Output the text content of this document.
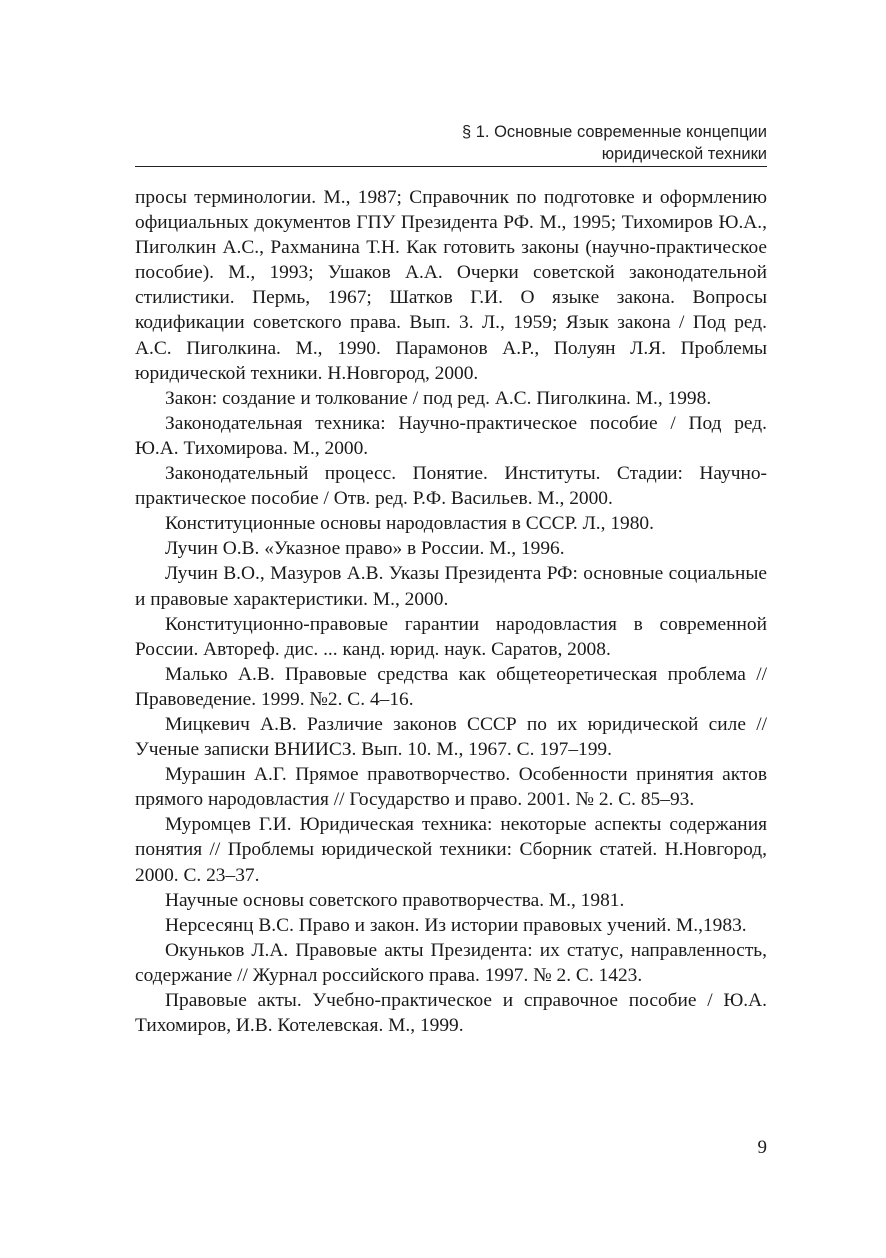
§ 1. Основные современные концепции
юридической техники

просы терминологии. М., 1987; Справочник по подготовке и оформлению официальных документов ГПУ Президента РФ. М., 1995; Тихомиров Ю.А., Пиголкин А.С., Рахманина Т.Н. Как готовить законы (научно-практическое пособие). М., 1993; Ушаков А.А. Очерки советской законодательной стилистики. Пермь, 1967; Шатков Г.И. О языке закона. Вопросы кодификации советского права. Вып. 3. Л., 1959; Язык закона / Под ред. А.С. Пиголкина. М., 1990. Парамонов А.Р., Полуян Л.Я. Проблемы юридической техники. Н.Новгород, 2000.

Закон: создание и толкование / под ред. А.С. Пиголкина. М., 1998.

Законодательная техника: Научно-практическое пособие / Под ред. Ю.А. Тихомирова. М., 2000.

Законодательный процесс. Понятие. Институты. Стадии: Научно-практическое пособие / Отв. ред. Р.Ф. Васильев. М., 2000.

Конституционные основы народовластия в СССР. Л., 1980.

Лучин О.В. «Указное право» в России. М., 1996.

Лучин В.О., Мазуров А.В. Указы Президента РФ: основные социальные и правовые характеристики. М., 2000.

Конституционно-правовые гарантии народовластия в современной России. Автореф. дис. ... канд. юрид. наук. Саратов, 2008.

Малько А.В. Правовые средства как общетеоретическая проблема // Правоведение. 1999. №2. С. 4–16.

Мицкевич А.В. Различие законов СССР по их юридической силе // Ученые записки ВНИИСЗ. Вып. 10. М., 1967. С. 197–199.

Мурашин А.Г. Прямое правотворчество. Особенности принятия актов прямого народовластия // Государство и право. 2001. № 2. С. 85–93.

Муромцев Г.И. Юридическая техника: некоторые аспекты содержания понятия // Проблемы юридической техники: Сборник статей. Н.Новгород, 2000. С. 23–37.

Научные основы советского правотворчества. М., 1981.

Нерсесянц В.С. Право и закон. Из истории правовых учений. М.,1983.

Окуньков Л.А. Правовые акты Президента: их статус, направленность, содержание // Журнал российского права. 1997. № 2. С. 1423.

Правовые акты. Учебно-практическое и справочное пособие / Ю.А. Тихомиров, И.В. Котелевская. М., 1999.

9
